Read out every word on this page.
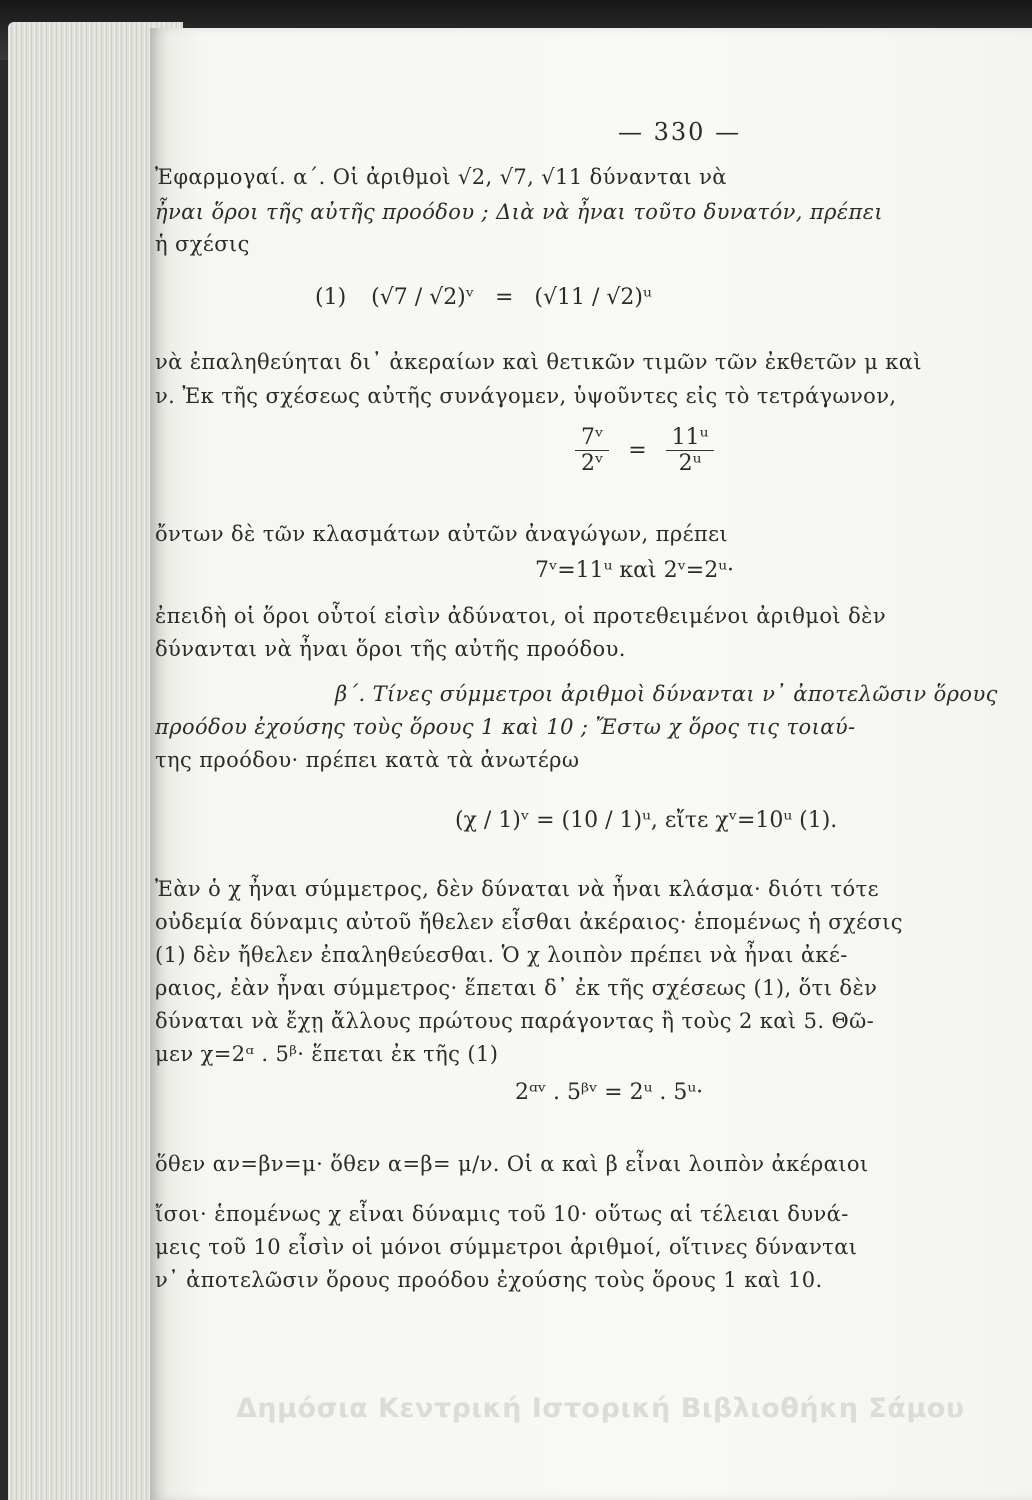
— 330 —
Ἐφαρμογαί. α΄. Οἱ ἀριθμοὶ √2, √7, √11 δύνανται νὰ
ἦναι ὅροι τῆς αὐτῆς προόδου ; Διὰ νὰ ἦναι τοῦτο δυνατόν, πρέπει
ἡ σχέσις
(1) (√7 / √2)ᵛ = (√11 / √2)ᵘ
νὰ ἐπαληθεύηται δι᾽ ἀκεραίων καὶ θετικῶν τιμῶν τῶν ἐκθετῶν μ καὶ
ν. Ἐκ τῆς σχέσεως αὐτῆς συνάγομεν, ὑψοῦντες εἰς τὸ τετράγωνον,
$\frac{\text{7ᵛ}}{\text{2ᵛ}} = \frac{\text{11ᵘ}}{\text{2ᵘ}}$
ὄντων δὲ τῶν κλασμάτων αὐτῶν ἀναγώγων, πρέπει
7ᵛ=11ᵘ καὶ 2ᵛ=2ᵘ·
ἐπειδὴ οἱ ὅροι οὗτοί εἰσὶν ἀδύνατοι, οἱ προτεθειμένοι ἀριθμοὶ δὲν
δύνανται νὰ ἦναι ὅροι τῆς αὐτῆς προόδου.
β΄. Τίνες σύμμετροι ἀριθμοὶ δύνανται ν᾽ ἀποτελῶσιν ὅρους
προόδου ἐχούσης τοὺς ὅρους 1 καὶ 10 ; Ἔστω χ ὅρος τις τοιαύ-
της προόδου· πρέπει κατὰ τὰ ἀνωτέρω
(χ / 1)ᵛ = (10 / 1)ᵘ, εἴτε χᵛ=10ᵘ (1).
Ἐὰν ὁ χ ἦναι σύμμετρος, δὲν δύναται νὰ ἦναι κλάσμα· διότι τότε
οὐδεμία δύναμις αὐτοῦ ἤθελεν εἶσθαι ἀκέραιος· ἑπομένως ἡ σχέσις
(1) δὲν ἤθελεν ἐπαληθεύεσθαι. Ὁ χ λοιπὸν πρέπει νὰ ἦναι ἀκέ-
ραιος, ἐὰν ἦναι σύμμετρος· ἕπεται δ᾽ ἐκ τῆς σχέσεως (1), ὅτι δὲν
δύναται νὰ ἔχῃ ἄλλους πρώτους παράγοντας ἢ τοὺς 2 καὶ 5. Θῶ-
μεν χ=2ᵅ . 5ᵝ· ἕπεται ἐκ τῆς (1)
2ᵅᵛ . 5ᵝᵛ = 2ᵘ . 5ᵘ·
ὅθεν αν=βν=μ· ὅθεν α=β= μ/ν. Οἱ α καὶ β εἶναι λοιπὸν ἀκέραιοι
ἴσοι· ἑπομένως χ εἶναι δύναμις τοῦ 10· οὕτως αἱ τέλειαι δυνά-
μεις τοῦ 10 εἶσὶν οἱ μόνοι σύμμετροι ἀριθμοί, οἵτινες δύνανται
ν᾽ ἀποτελῶσιν ὅρους προόδου ἐχούσης τοὺς ὅρους 1 καὶ 10.
Δημόσια Κεντρική Ιστορική Βιβλιοθήκη Σάμου
